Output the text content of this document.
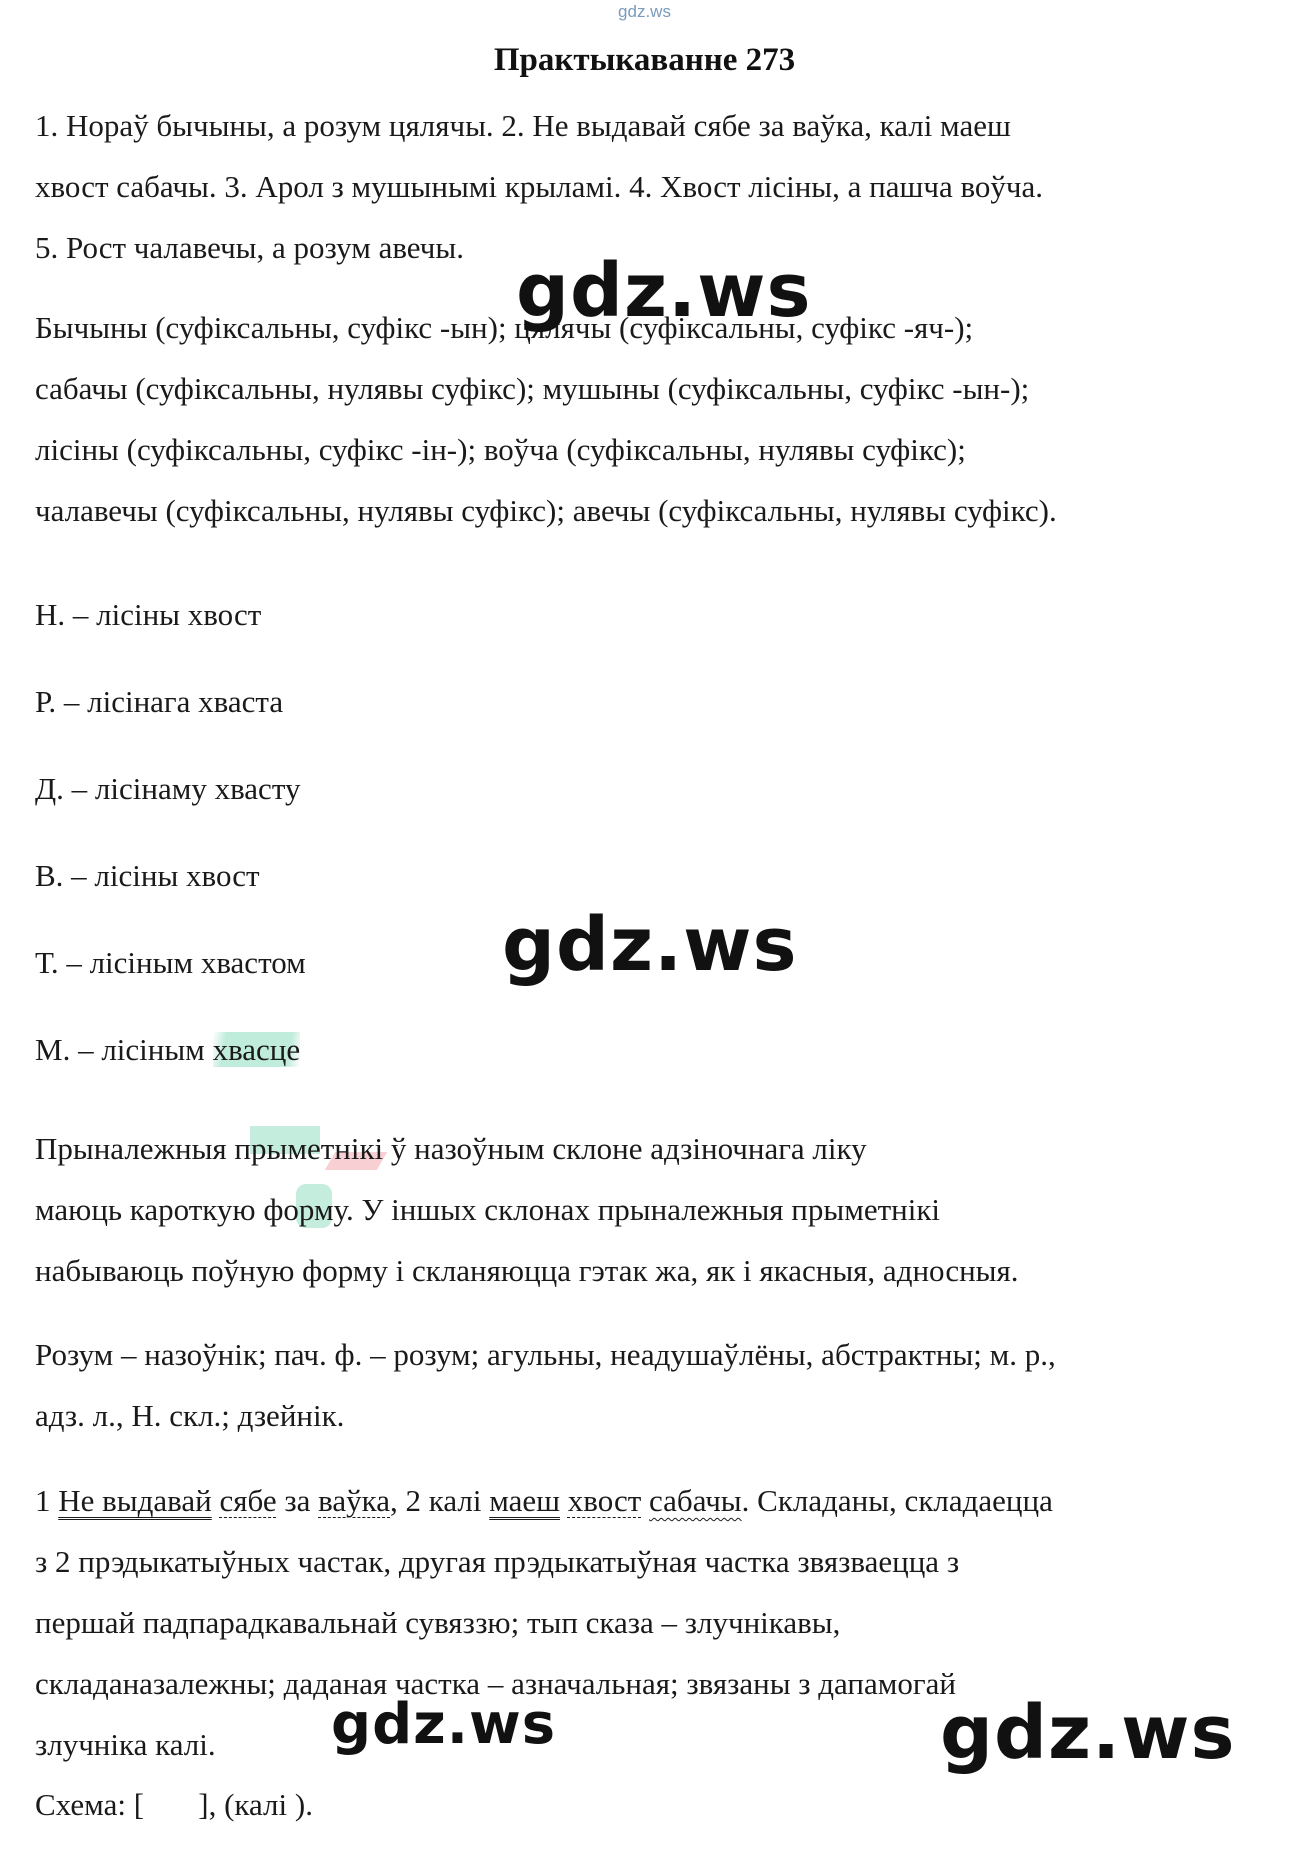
gdz.ws
Практыкаванне 273
1. Нораў бычыны, а розум цялячы. 2. Не выдавай сябе за ваўка, калі маеш
хвост сабачы. 3. Арол з мушынымі крыламі. 4. Хвост лісіны, а пашча воўча.
5. Рост чалавечы, а розум авечы.
Бычыны (суфіксальны, суфікс -ын); цялячы (суфіксальны, суфікс -яч-);
сабачы (суфіксальны, нулявы суфікс); мушыны (суфіксальны, суфікс -ын-);
лісіны (суфіксальны, суфікс -ін-); воўча (суфіксальны, нулявы суфікс);
чалавечы (суфіксальны, нулявы суфікс); авечы (суфіксальны, нулявы суфікс).
Н. – лісіны хвост
Р. – лісінага хваста
Д. – лісінаму хвасту
В. – лісіны хвост
Т. – лісіным хвастом
М. – лісіным хвасце
Прыналежныя прыметнікі ў назоўным склоне адзіночнага ліку
маюць кароткую форму. У іншых склонах прыналежныя прыметнікі
набываюць поўную форму і скланяюцца гэтак жа, як і якасныя, адносныя.
Розум – назоўнік; пач. ф. – розум; агульны, неадушаўлёны, абстрактны; м. р.,
адз. л., Н. скл.; дзейнік.
1 Не выдавай сябе за ваўка, 2 калі маеш хвост сабачы. Складаны, складаецца
з 2 прэдыкатыўных частак, другая прэдыкатыўная частка звязваецца з
першай падпарадкавальнай сувяззю; тып сказа – злучнікавы,
складаназалежны; даданая частка – азначальная; звязаны з дапамогай
злучніка калі.
Схема: [       ], (калі ).
gdz.ws
gdz.ws
gdz.ws	gdz.ws
